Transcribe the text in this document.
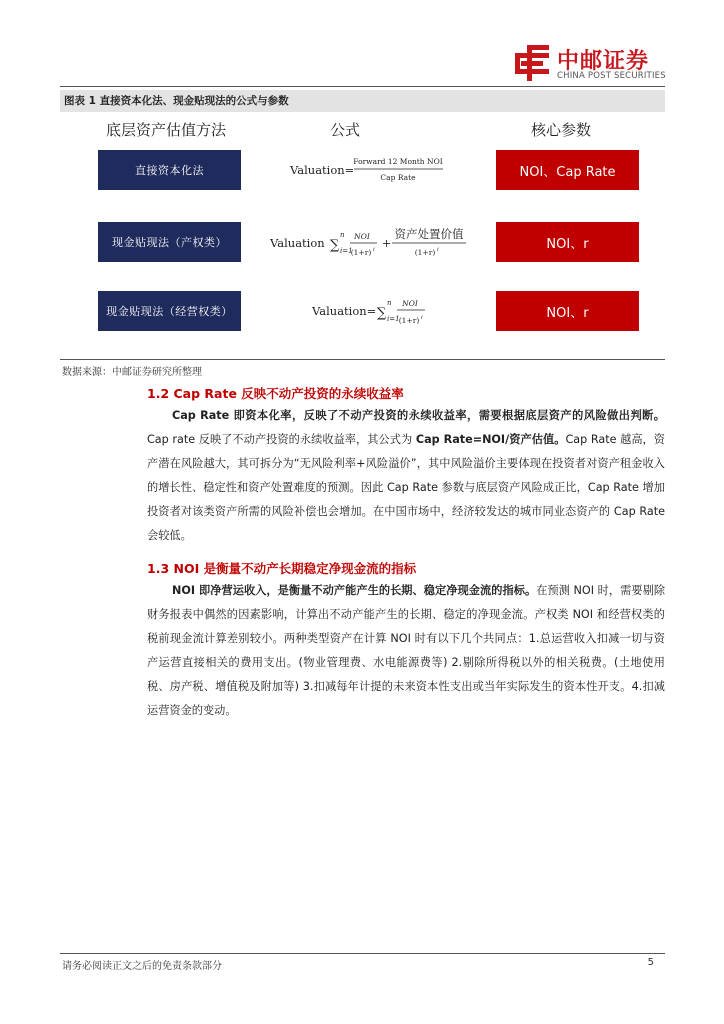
中邮证券
CHINA POST SECURITIES
图表 1 直接资本化法、现金贴现法的公式与参数
底层资产估值方法	公式	核心参数
直接资本化法	Valuation=
Forward 12 Month NOI
Cap Rate	NOI、Cap Rate
现金贴现法（产权类）	Valuation ∑
n
i=1
NOI
(1+r) i +
资产处置价值
(1+r) i	NOI、r
现金贴现法（经营权类）	Valuation= ∑
n
i=1
NOI
(1+r) i	NOI、r
数据来源：中邮证券研究所整理
1.2 Cap Rate 反映不动产投资的永续收益率
Cap Rate 即资本化率，反映了不动产投资的永续收益率，需要根据底层资产的风险做出判断。Cap rate 反映了不动产投资的永续收益率，其公式为 Cap Rate=NOI/资产估值。Cap Rate 越高，资产潜在风险越大，其可拆分为“无风险利率+风险溢价”，其中风险溢价主要体现在投资者对资产租金收入的增长性、稳定性和资产处置难度的预测。因此 Cap Rate 参数与底层资产风险成正比，Cap Rate 增加投资者对该类资产所需的风险补偿也会增加。在中国市场中，经济较发达的城市同业态资产的 Cap Rate 会较低。
1.3 NOI 是衡量不动产长期稳定净现金流的指标
NOI 即净营运收入，是衡量不动产能产生的长期、稳定净现金流的指标。在预测 NOI 时，需要剔除财务报表中偶然的因素影响，计算出不动产能产生的长期、稳定的净现金流。产权类 NOI 和经营权类的税前现金流计算差别较小。两种类型资产在计算 NOI 时有以下几个共同点：1.总运营收入扣减一切与资产运营直接相关的费用支出。(物业管理费、水电能源费等) 2.剔除所得税以外的相关税费。(土地使用税、房产税、增值税及附加等) 3.扣减每年计提的未来资本性支出或当年实际发生的资本性开支。4.扣减运营资金的变动。
请务必阅读正文之后的免责条款部分	5
